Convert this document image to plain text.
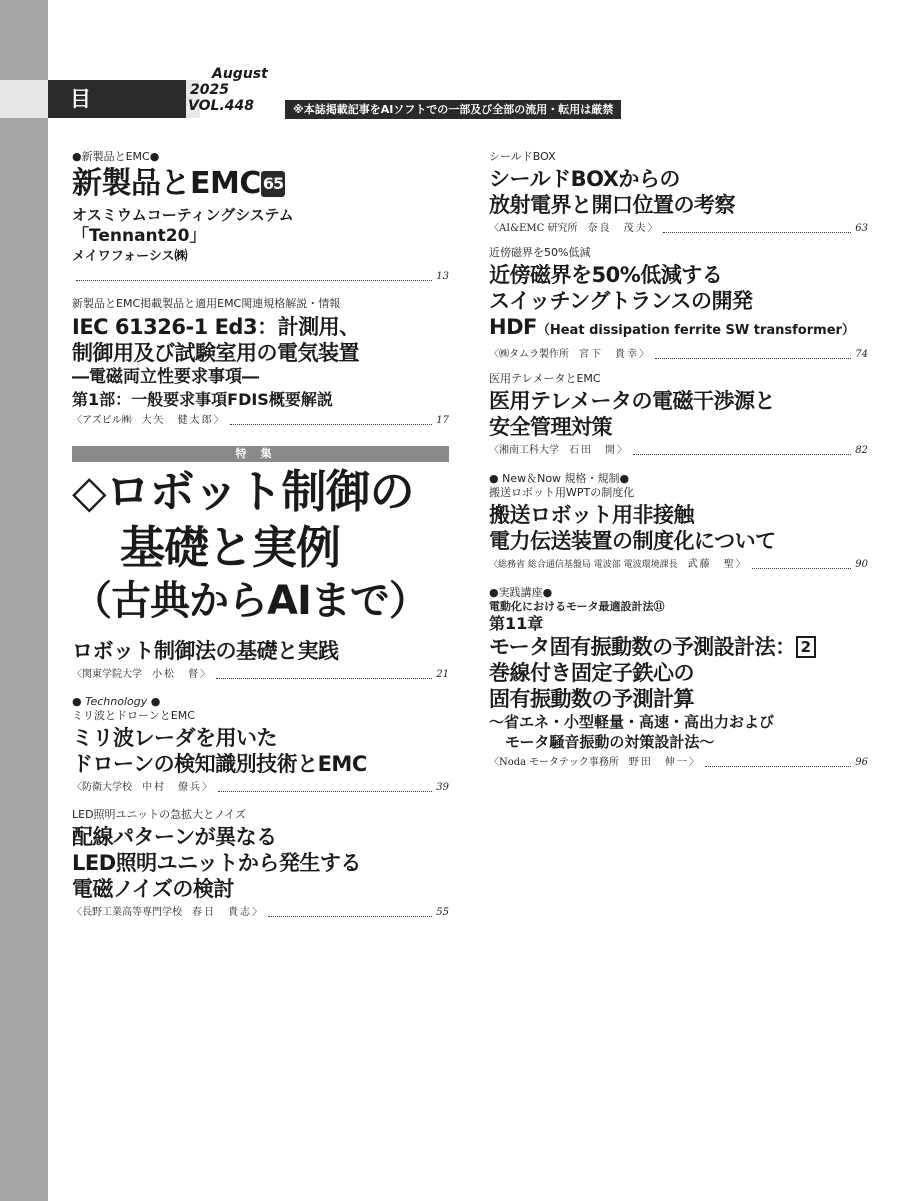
目　次
August
2025
VOL.448	※本誌掲載記事をAIソフトでの一部及び全部の流用・転用は厳禁
●新製品とEMC●
新製品とEMC 65
オスミウムコーティングシステム
「Tennant20」
メイワフォーシス㈱
13
新製品とEMC掲載製品と適用EMC関連規格解説・情報
IEC 61326-1 Ed3：計測用、
制御用及び試験室用の電気装置
―電磁両立性要求事項―
第1部：一般要求事項FDIS概要解説
〈アズビル㈱ 大矢　健太郎〉	17
特集
◇ロボット制御の
基礎と実例
（古典からAIまで）
ロボット制御法の基礎と実践
〈関東学院大学 小松　督〉	21
● Technology ●
ミリ波とドローンとEMC
ミリ波レーダを用いた
ドローンの検知識別技術とEMC
〈防衛大学校 中村　僚兵〉	39
LED照明ユニットの急拡大とノイズ
配線パターンが異なる
LED照明ユニットから発生する
電磁ノイズの検討
〈長野工業高等専門学校 春日　貴志〉	55
シールドBOX
シールドBOXからの
放射電界と開口位置の考察
〈AI&EMC 研究所 奈良　茂夫〉	63
近傍磁界を50%低減
近傍磁界を50%低減する
スイッチングトランスの開発
HDF（Heat dissipation ferrite SW transformer）
〈㈱タムラ製作所 宮下　貴幸〉	74
医用テレメータとEMC
医用テレメータの電磁干渉源と
安全管理対策
〈湘南工科大学 石田　開〉	82
● New＆Now 規格・規制●
搬送ロボット用WPTの制度化
搬送ロボット用非接触
電力伝送装置の制度化について
〈総務省 総合通信基盤局 電波部 電波環境課長 武藤　聖〉	90
●実践講座●
電動化におけるモータ最適設計法⑪
第11章
モータ固有振動数の予測設計法： 2
巻線付き固定子鉄心の
固有振動数の予測計算
～省エネ・小型軽量・高速・高出力および
モータ騒音振動の対策設計法～
〈Noda モータテック事務所 野田　伸一〉	96
